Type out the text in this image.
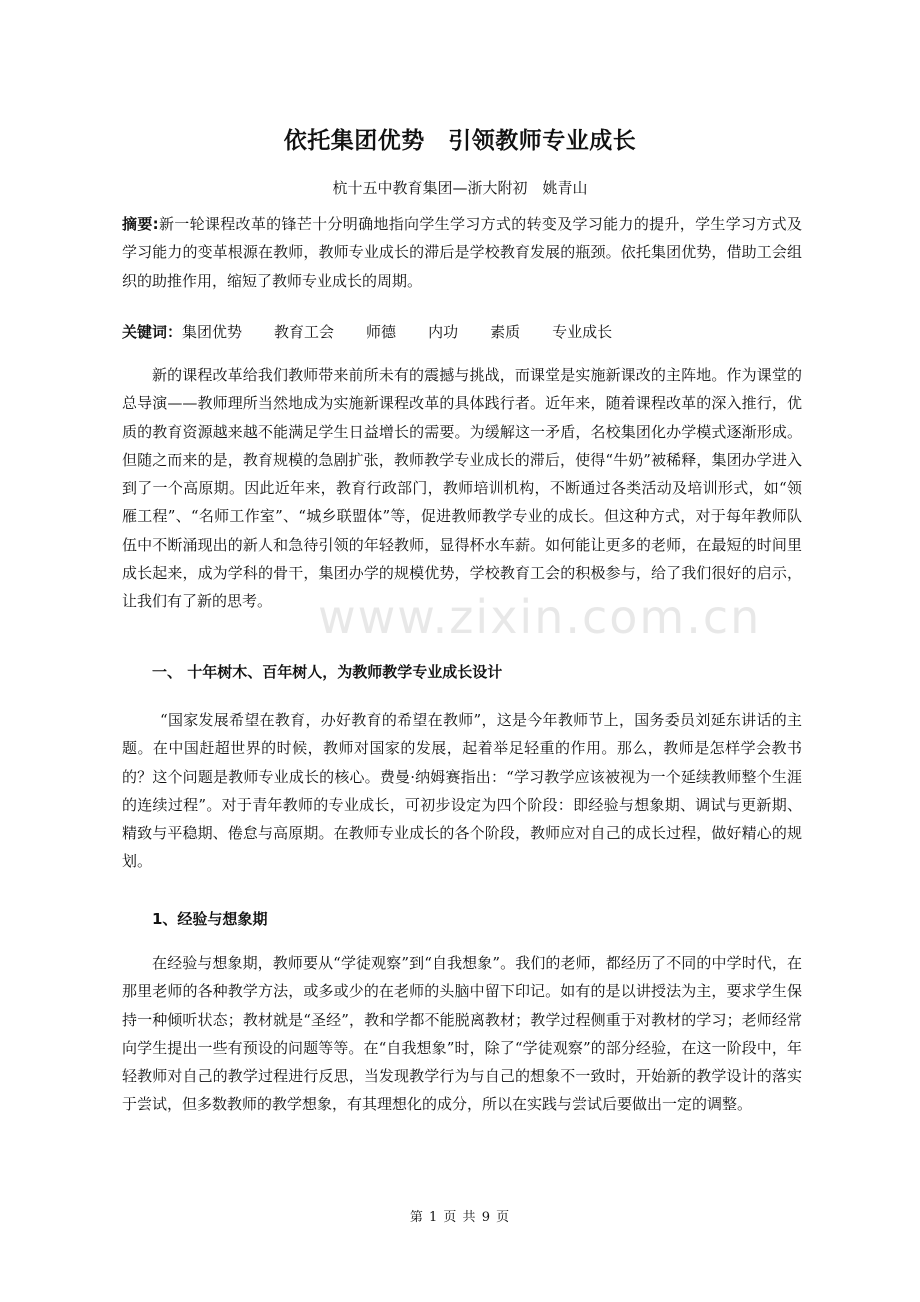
www.zixin.com.cn
依托集团优势　引领教师专业成长
杭十五中教育集团—浙大附初　姚青山
摘要:新一轮课程改革的锋芒十分明确地指向学生学习方式的转变及学习能力的提升，学生学习方式及学习能力的变革根源在教师，教师专业成长的滞后是学校教育发展的瓶颈。依托集团优势，借助工会组织的助推作用，缩短了教师专业成长的周期。
关键词：集团优势 教育工会 师德 内功 素质 专业成长
新的课程改革给我们教师带来前所未有的震撼与挑战，而课堂是实施新课改的主阵地。作为课堂的总导演——教师理所当然地成为实施新课程改革的具体践行者。近年来，随着课程改革的深入推行，优质的教育资源越来越不能满足学生日益增长的需要。为缓解这一矛盾，名校集团化办学模式逐渐形成。但随之而来的是，教育规模的急剧扩张，教师教学专业成长的滞后，使得“牛奶”被稀释，集团办学进入到了一个高原期。因此近年来，教育行政部门，教师培训机构，不断通过各类活动及培训形式，如“领雁工程”、“名师工作室”、“城乡联盟体”等，促进教师教学专业的成长。但这种方式，对于每年教师队伍中不断涌现出的新人和急待引领的年轻教师，显得杯水车薪。如何能让更多的老师，在最短的时间里成长起来，成为学科的骨干，集团办学的规模优势，学校教育工会的积极参与，给了我们很好的启示，让我们有了新的思考。
一、 十年树木、百年树人，为教师教学专业成长设计
“国家发展希望在教育，办好教育的希望在教师”，这是今年教师节上，国务委员刘延东讲话的主题。在中国赶超世界的时候，教师对国家的发展，起着举足轻重的作用。那么，教师是怎样学会教书的？这个问题是教师专业成长的核心。费曼·纳姆赛指出：“学习教学应该被视为一个延续教师整个生涯的连续过程”。对于青年教师的专业成长，可初步设定为四个阶段：即经验与想象期、调试与更新期、精致与平稳期、倦怠与高原期。在教师专业成长的各个阶段，教师应对自己的成长过程，做好精心的规划。
1、经验与想象期
在经验与想象期，教师要从“学徒观察”到“自我想象”。我们的老师，都经历了不同的中学时代，在那里老师的各种教学方法，或多或少的在老师的头脑中留下印记。如有的是以讲授法为主，要求学生保持一种倾听状态；教材就是“圣经”，教和学都不能脱离教材；教学过程侧重于对教材的学习；老师经常向学生提出一些有预设的问题等等。在“自我想象”时，除了“学徒观察”的部分经验，在这一阶段中，年轻教师对自己的教学过程进行反思，当发现教学行为与自己的想象不一致时，开始新的教学设计的落实于尝试，但多数教师的教学想象，有其理想化的成分，所以在实践与尝试后要做出一定的调整。
第 1 页 共 9 页
